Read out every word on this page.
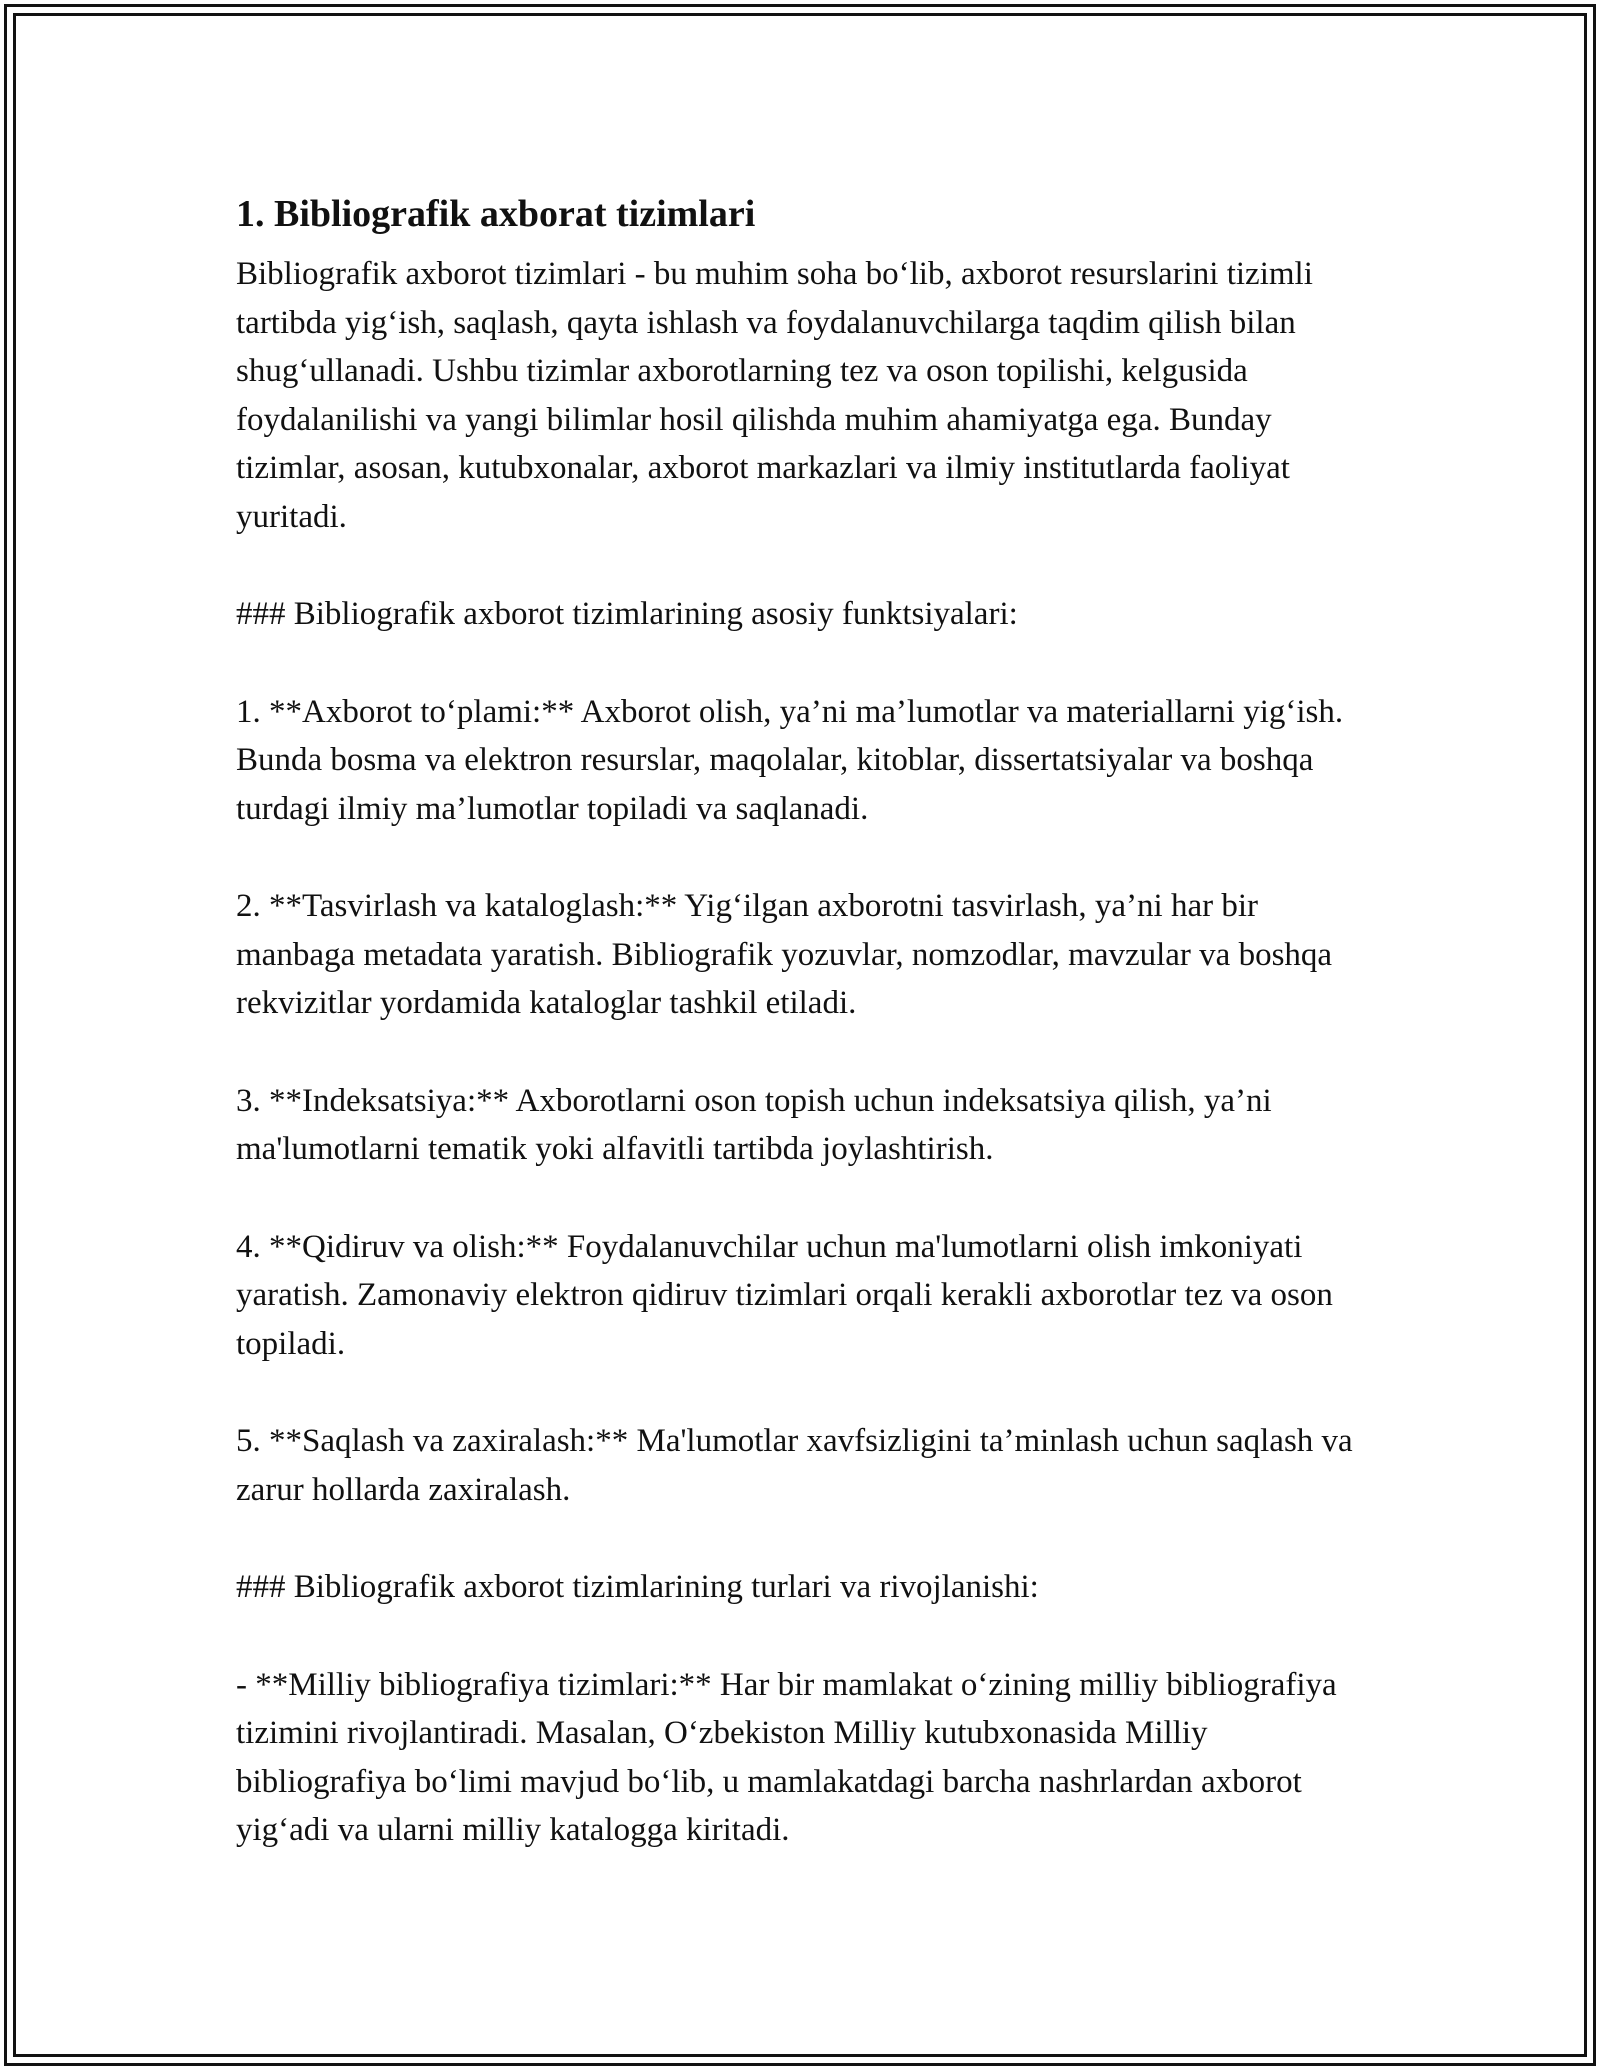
1. Bibliografik axborat tizimlari

Bibliografik axborot tizimlari - bu muhim soha bo‘lib, axborot resurslarini tizimli tartibda yig‘ish, saqlash, qayta ishlash va foydalanuvchilarga taqdim qilish bilan shug‘ullanadi. Ushbu tizimlar axborotlarning tez va oson topilishi, kelgusida foydalanilishi va yangi bilimlar hosil qilishda muhim ahamiyatga ega. Bunday tizimlar, asosan, kutubxonalar, axborot markazlari va ilmiy institutlarda faoliyat yuritadi.

### Bibliografik axborot tizimlarining asosiy funktsiyalari:

1. **Axborot to‘plami:** Axborot olish, ya’ni ma’lumotlar va materiallarni yig‘ish. Bunda bosma va elektron resurslar, maqolalar, kitoblar, dissertatsiyalar va boshqa turdagi ilmiy ma’lumotlar topiladi va saqlanadi.

2. **Tasvirlash va kataloglash:** Yig‘ilgan axborotni tasvirlash, ya’ni har bir manbaga metadata yaratish. Bibliografik yozuvlar, nomzodlar, mavzular va boshqa rekvizitlar yordamida kataloglar tashkil etiladi.

3. **Indeksatsiya:** Axborotlarni oson topish uchun indeksatsiya qilish, ya’ni ma'lumotlarni tematik yoki alfavitli tartibda joylashtirish.

4. **Qidiruv va olish:** Foydalanuvchilar uchun ma'lumotlarni olish imkoniyati yaratish. Zamonaviy elektron qidiruv tizimlari orqali kerakli axborotlar tez va oson topiladi.

5. **Saqlash va zaxiralash:** Ma'lumotlar xavfsizligini ta’minlash uchun saqlash va zarur hollarda zaxiralash.

### Bibliografik axborot tizimlarining turlari va rivojlanishi:

- **Milliy bibliografiya tizimlari:** Har bir mamlakat o‘zining milliy bibliografiya tizimini rivojlantiradi. Masalan, O‘zbekiston Milliy kutubxonasida Milliy bibliografiya bo‘limi mavjud bo‘lib, u mamlakatdagi barcha nashrlardan axborot yig‘adi va ularni milliy katalogga kiritadi.
